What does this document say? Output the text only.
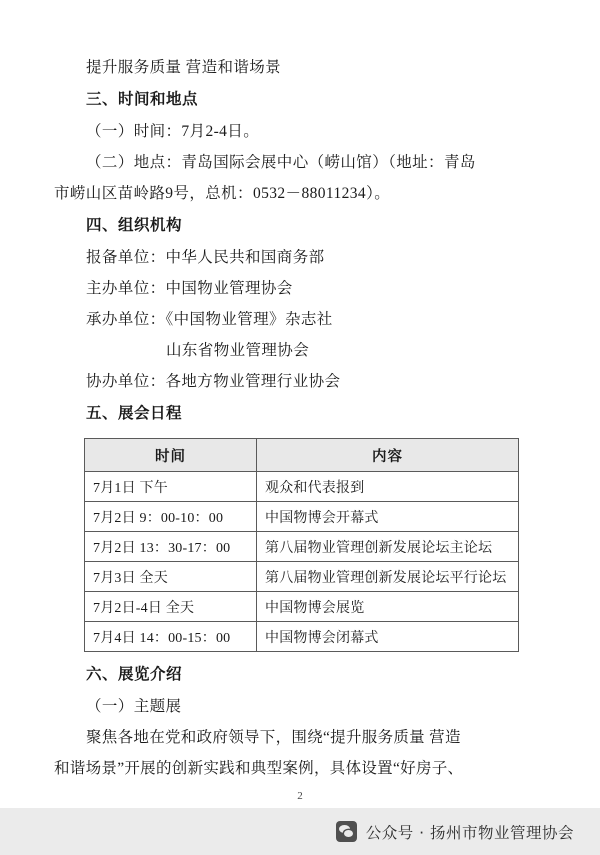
提升服务质量 营造和谐场景
三、时间和地点
（一）时间：7月2-4日。
（二）地点：青岛国际会展中心（崂山馆）（地址：青岛
市崂山区苗岭路9号，总机：0532－88011234）。
四、组织机构
报备单位：中华人民共和国商务部
主办单位：中国物业管理协会
承办单位：《中国物业管理》杂志社
山东省物业管理协会
协办单位：各地方物业管理行业协会
五、展会日程
时间	内容
7月1日 下午	观众和代表报到
7月2日 9：00-10：00	中国物博会开幕式
7月2日 13：30-17：00	第八届物业管理创新发展论坛主论坛
7月3日 全天	第八届物业管理创新发展论坛平行论坛
7月2日-4日 全天	中国物博会展览
7月4日 14：00-15：00	中国物博会闭幕式
六、展览介绍
（一）主题展
聚焦各地在党和政府领导下，围绕“提升服务质量 营造
和谐场景”开展的创新实践和典型案例，具体设置“好房子、
2
公众号 · 扬州市物业管理协会
